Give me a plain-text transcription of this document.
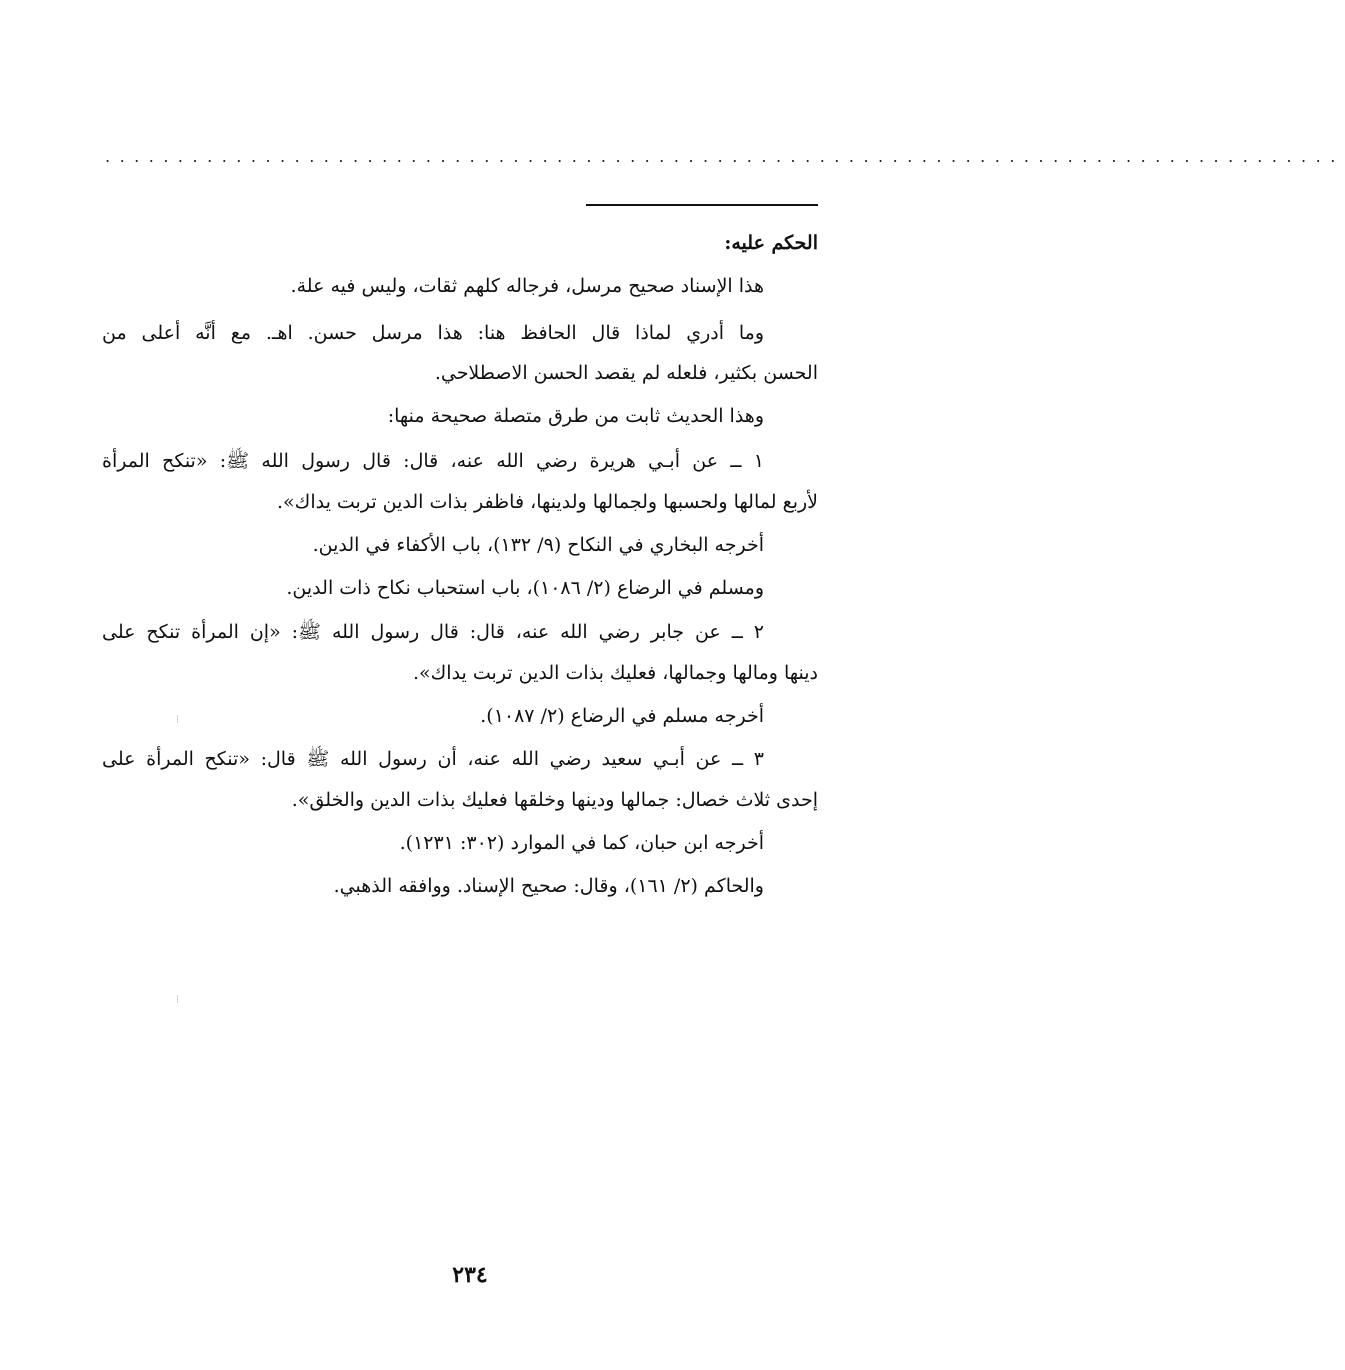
.....................................................................................
الحكم عليه:
هذا الإسناد صحيح مرسل، فرجاله كلهم ثقات، وليس فيه علة.
وما أدري لماذا قال الحافظ هنا: هذا مرسل حسن. اهـ. مع أنَّه أعلى من
الحسن بكثير، فلعله لم يقصد الحسن الاصطلاحي.
وهذا الحديث ثابت من طرق متصلة صحيحة منها:
١ ــ عن أبـي هريرة رضي الله عنه، قال: قال رسول الله ﷺ: «تنكح المرأة
لأربع لمالها ولحسبها ولجمالها ولدينها، فاظفر بذات الدين تربت يداك».
أخرجه البخاري في النكاح (٩/ ١٣٢)، باب الأكفاء في الدين.
ومسلم في الرضاع (٢/ ١٠٨٦)، باب استحباب نكاح ذات الدين.
٢ ــ عن جابر رضي الله عنه، قال: قال رسول الله ﷺ: «إن المرأة تنكح على
دينها ومالها وجمالها، فعليك بذات الدين تربت يداك».
أخرجه مسلم في الرضاع (٢/ ١٠٨٧).
٣ ــ عن أبـي سعيد رضي الله عنه، أن رسول الله ﷺ قال: «تنكح المرأة على
إحدى ثلاث خصال: جمالها ودينها وخلقها فعليك بذات الدين والخلق».
أخرجه ابن حبان، كما في الموارد (٣٠٢: ١٢٣١).
والحاكم (٢/ ١٦١)، وقال: صحيح الإسناد. ووافقه الذهبي.
٢٣٤
